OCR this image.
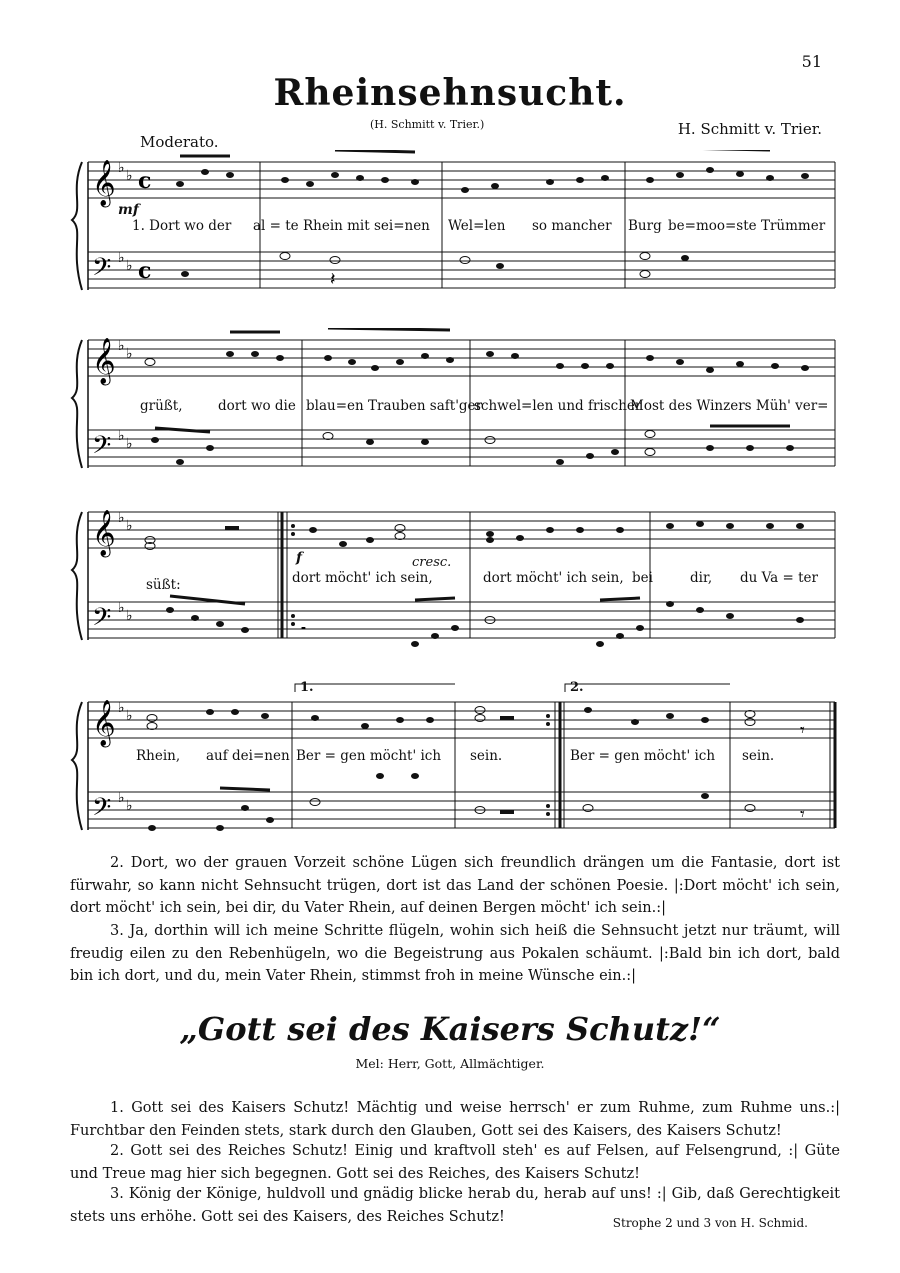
51
Rheinsehnsucht.
(H. Schmitt v. Trier.)	H. Schmitt v. Trier.
Moderato.
𝄞
𝄢
♭ ♭
♭ ♭
c
c	𝄽
mf
1. Dort wo der al = te Rhein mit sei=nen Wel=len so mancher Burg be=moo=ste Trümmer
𝄞
𝄢
♭ ♭
♭ ♭
grüßt,	dort wo die blau=en Trauben saft'ger
schwel=len und frischer
Most des Winzers Müh' ver=
𝄞
𝄢
♭ ♭
♭ ♭
𝄼
f	cresc.
süßt:	dort möcht' ich sein,	dort möcht' ich sein, bei	dir, du Va = ter
𝄞
𝄢
♭ ♭
♭ ♭
𝄾
𝄾
1.	2.
Rhein, auf dei=nen Ber = gen möcht' ich sein.	Ber = gen möcht' ich sein.
2. Dort, wo der grauen Vorzeit schöne Lügen sich freundlich drängen um die Fantasie, dort ist fürwahr, so kann nicht Sehnsucht trügen, dort ist das Land der schönen Poesie. |:Dort möcht' ich sein, dort möcht' ich sein, bei dir, du Vater Rhein, auf deinen Bergen möcht' ich sein.:|
3. Ja, dorthin will ich meine Schritte flügeln, wohin sich heiß die Sehnsucht jetzt nur träumt, will freudig eilen zu den Rebenhügeln, wo die Begeistrung aus Pokalen schäumt. |:Bald bin ich dort, bald bin ich dort, und du, mein Vater Rhein, stimmst froh in meine Wünsche ein.:|
„Gott sei des Kaisers Schutz!“
Mel: Herr, Gott, Allmächtiger.
1. Gott sei des Kaisers Schutz! Mächtig und weise herrsch' er zum Ruhme, zum Ruhme uns.:| Furchtbar den Feinden stets, stark durch den Glauben, Gott sei des Kaisers, des Kaisers Schutz!
2. Gott sei des Reiches Schutz! Einig und kraftvoll steh' es auf Felsen, auf Felsengrund, :| Güte und Treue mag hier sich begegnen. Gott sei des Reiches, des Kaisers Schutz!
3. König der Könige, huldvoll und gnädig blicke herab du, herab auf uns! :| Gib, daß Gerechtigkeit stets uns erhöhe. Gott sei des Kaisers, des Reiches Schutz!	Strophe 2 und 3 von H. Schmid.
